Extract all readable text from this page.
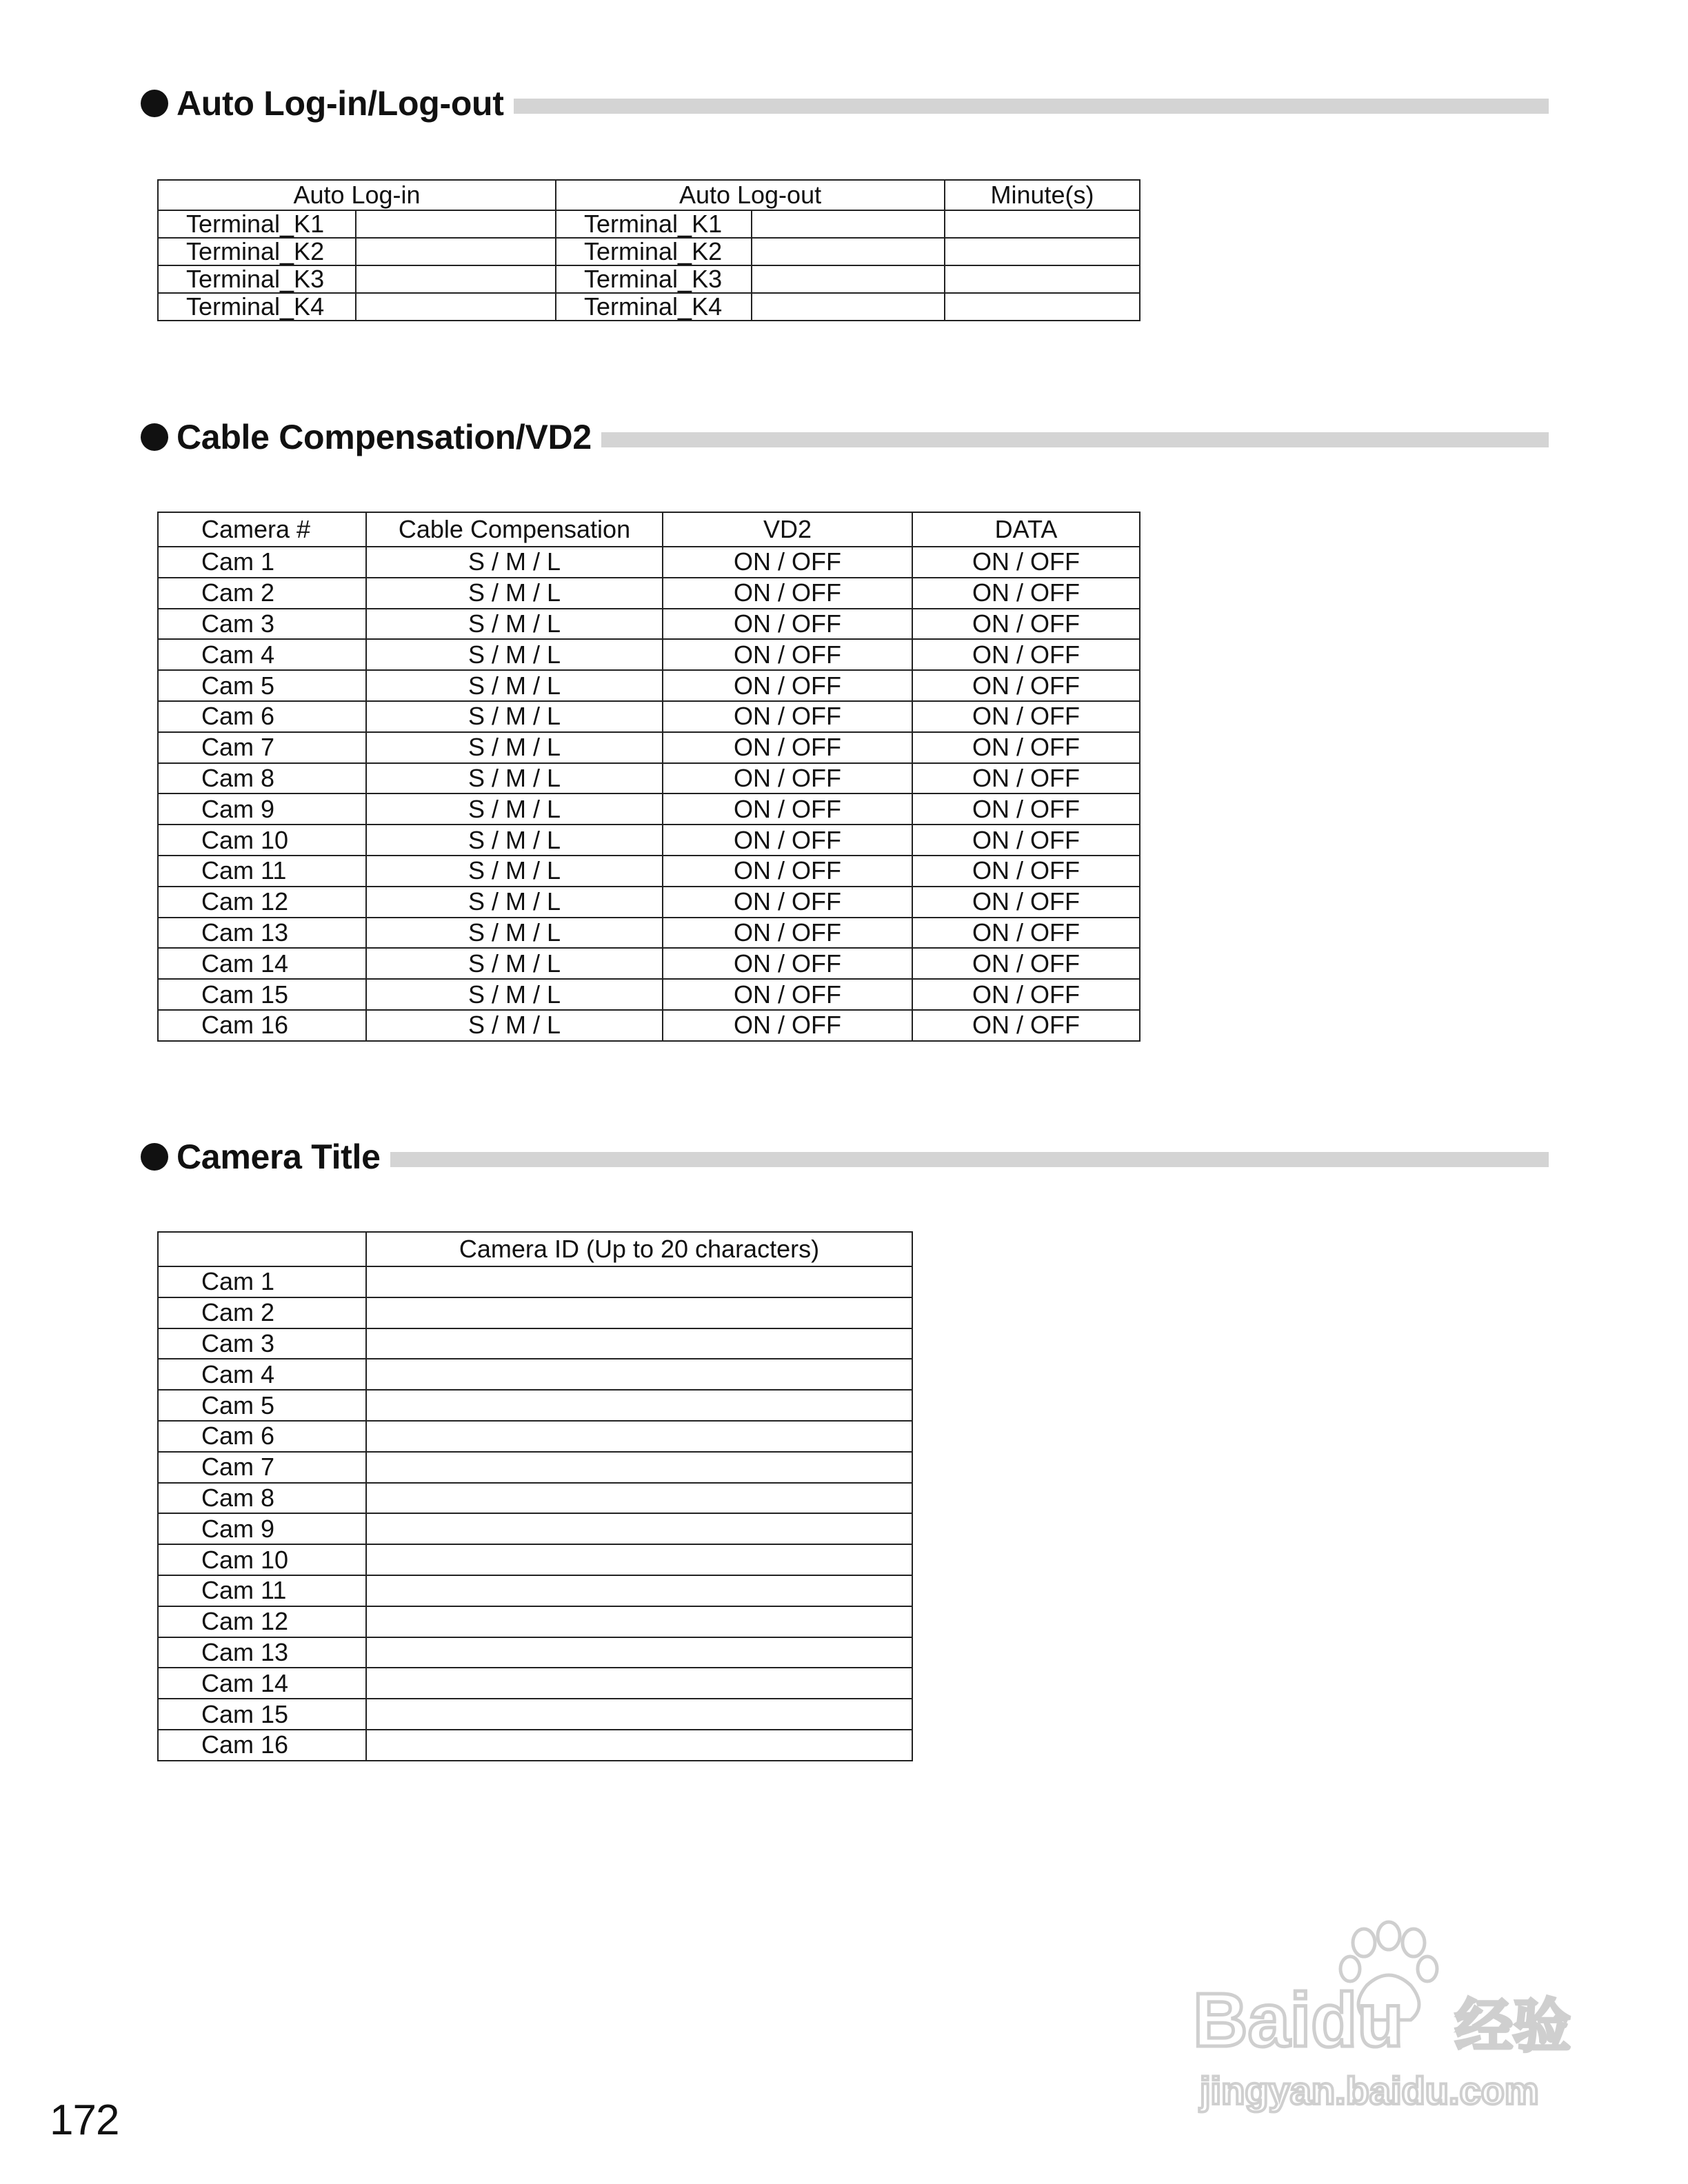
Auto Log-in/Log-out
Auto Log-in		Auto Log-out		Minute(s)
Terminal_K1		Terminal_K1		
Terminal_K2		Terminal_K2		
Terminal_K3		Terminal_K3		
Terminal_K4		Terminal_K4		
Cable Compensation/VD2
Camera #	Cable Compensation	VD2	DATA
Cam 1	S / M / L	ON / OFF	ON / OFF
Cam 2	S / M / L	ON / OFF	ON / OFF
Cam 3	S / M / L	ON / OFF	ON / OFF
Cam 4	S / M / L	ON / OFF	ON / OFF
Cam 5	S / M / L	ON / OFF	ON / OFF
Cam 6	S / M / L	ON / OFF	ON / OFF
Cam 7	S / M / L	ON / OFF	ON / OFF
Cam 8	S / M / L	ON / OFF	ON / OFF
Cam 9	S / M / L	ON / OFF	ON / OFF
Cam 10	S / M / L	ON / OFF	ON / OFF
Cam 11	S / M / L	ON / OFF	ON / OFF
Cam 12	S / M / L	ON / OFF	ON / OFF
Cam 13	S / M / L	ON / OFF	ON / OFF
Cam 14	S / M / L	ON / OFF	ON / OFF
Cam 15	S / M / L	ON / OFF	ON / OFF
Cam 16	S / M / L	ON / OFF	ON / OFF
Camera Title
	Camera ID (Up to 20 characters)
Cam 1	
Cam 2	
Cam 3	
Cam 4	
Cam 5	
Cam 6	
Cam 7	
Cam 8	
Cam 9	
Cam 10	
Cam 11	
Cam 12	
Cam 13	
Cam 14	
Cam 15	
Cam 16	
172
Baidu 经验
jingyan.baidu.com
